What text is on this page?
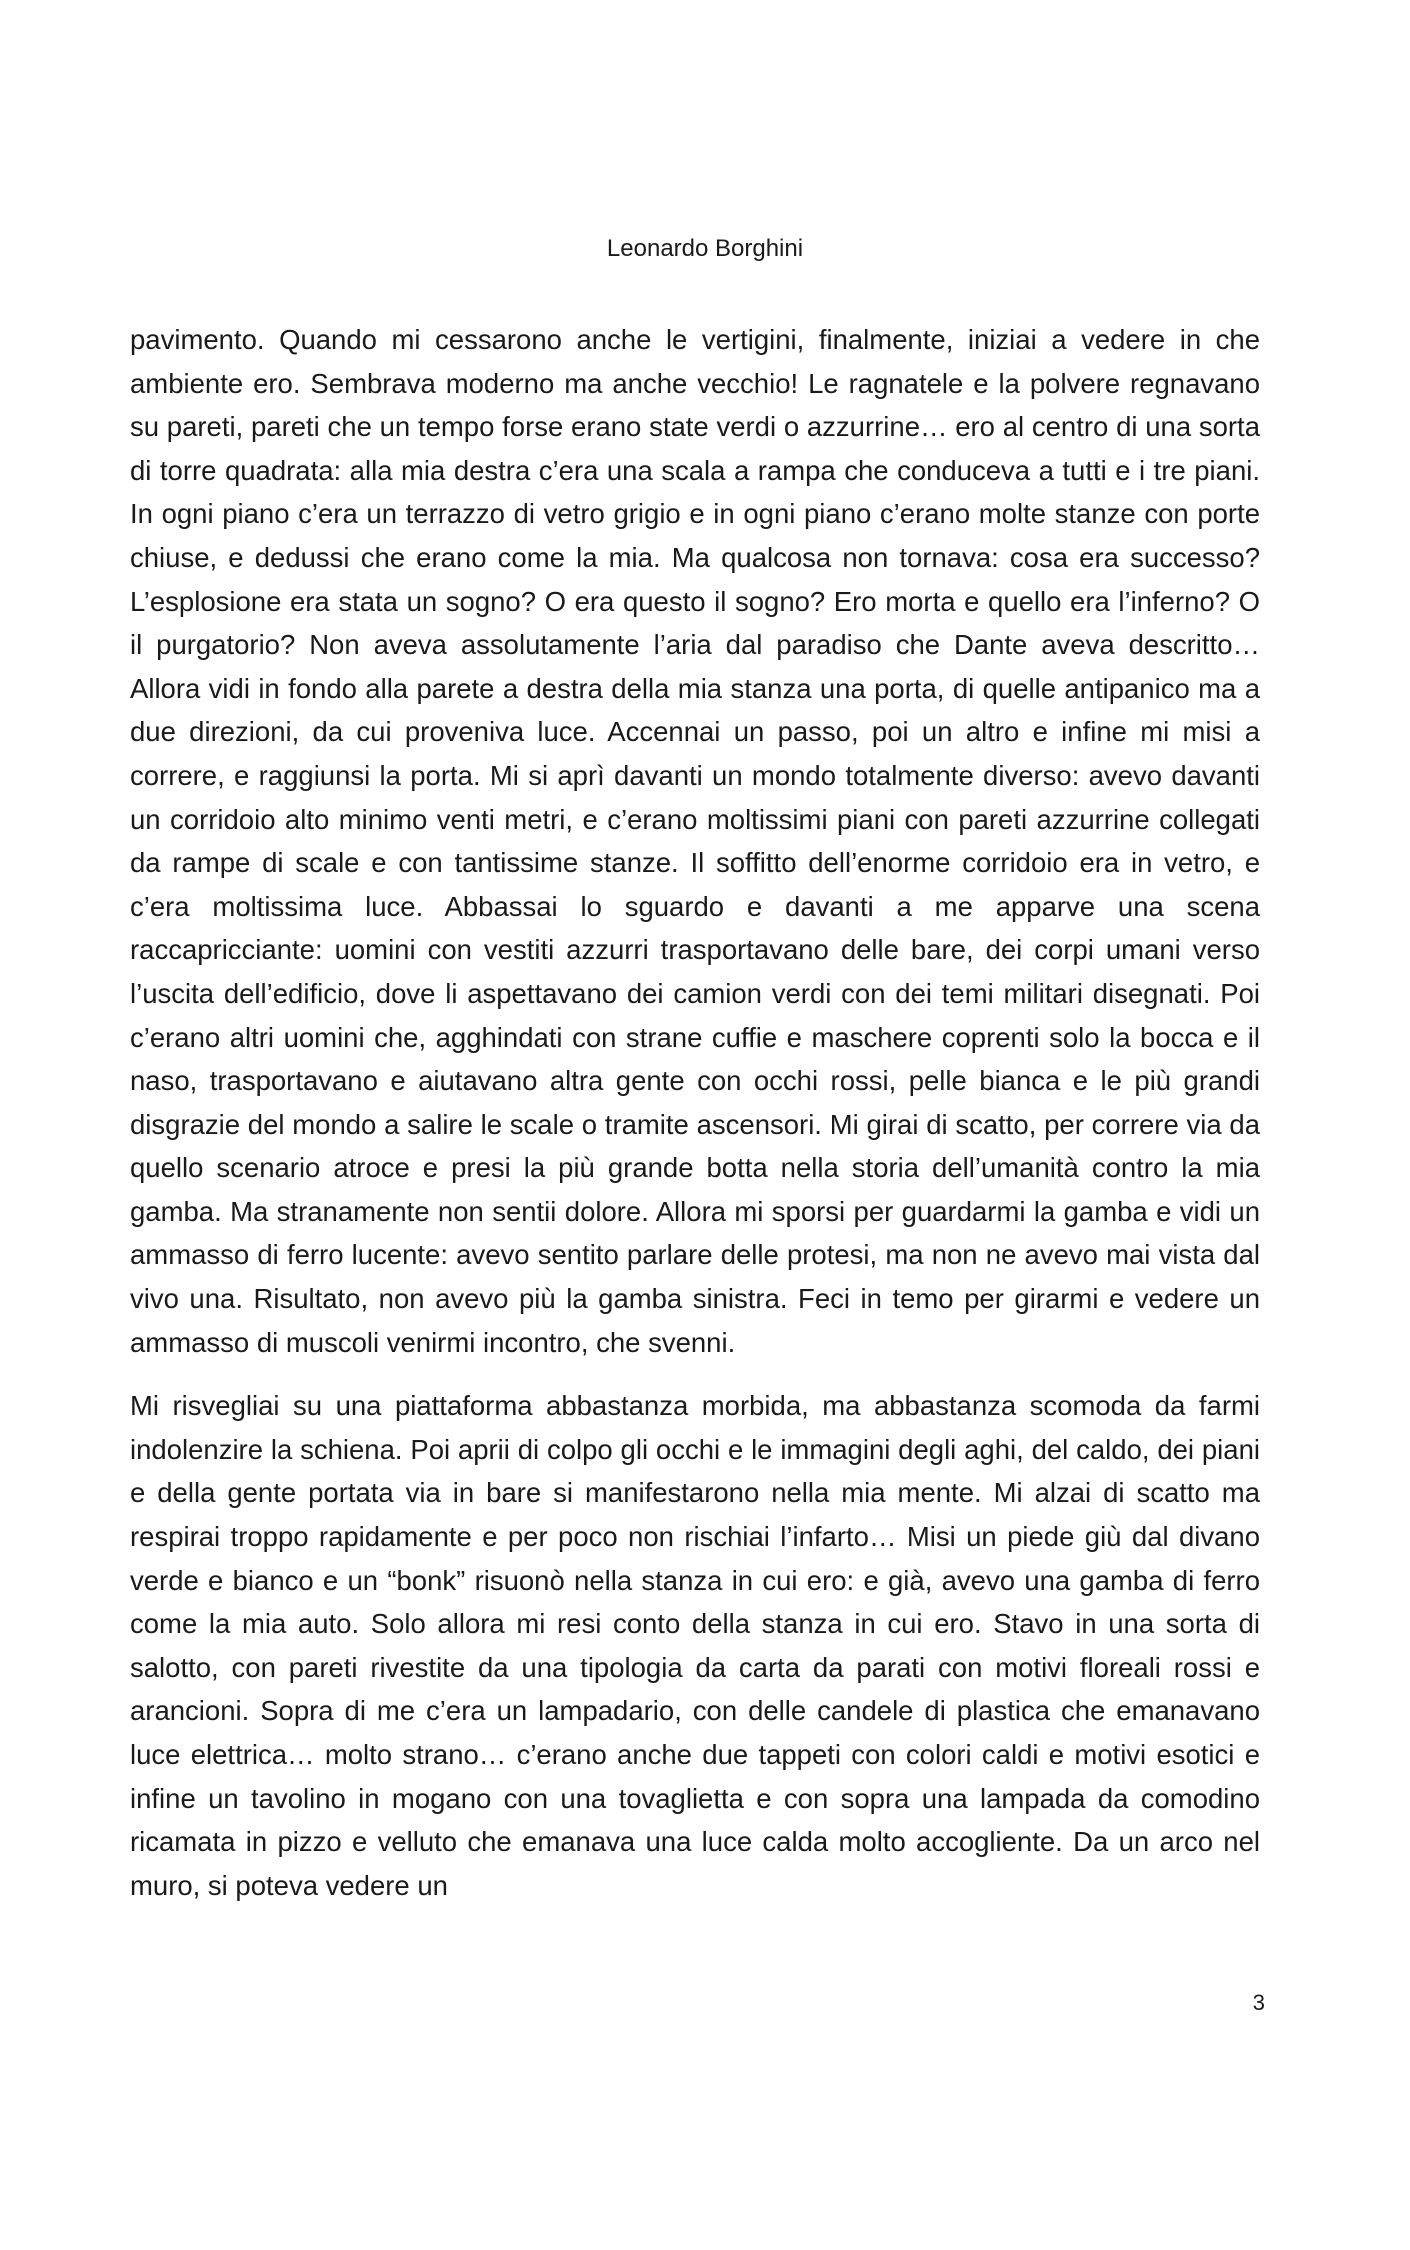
Leonardo Borghini

pavimento. Quando mi cessarono anche le vertigini, finalmente, iniziai a vedere in che ambiente ero. Sembrava moderno ma anche vecchio! Le ragnatele e la polvere regnavano su pareti, pareti che un tempo forse erano state verdi o azzurrine… ero al centro di una sorta di torre quadrata: alla mia destra c’era una scala a rampa che conduceva a tutti e i tre piani. In ogni piano c’era un terrazzo di vetro grigio e in ogni piano c’erano molte stanze con porte chiuse, e dedussi che erano come la mia. Ma qualcosa non tornava: cosa era successo? L’esplosione era stata un sogno? O era questo il sogno? Ero morta e quello era l’inferno? O il purgatorio? Non aveva assolutamente l’aria dal paradiso che Dante aveva descritto… Allora vidi in fondo alla parete a destra della mia stanza una porta, di quelle antipanico ma a due direzioni, da cui proveniva luce. Accennai un passo, poi un altro e infine mi misi a correre, e raggiunsi la porta. Mi si aprì davanti un mondo totalmente diverso: avevo davanti un corridoio alto minimo venti metri, e c’erano moltissimi piani con pareti azzurrine collegati da rampe di scale e con tantissime stanze. Il soffitto dell’enorme corridoio era in vetro, e c’era moltissima luce. Abbassai lo sguardo e davanti a me apparve una scena raccapricciante: uomini con vestiti azzurri trasportavano delle bare, dei corpi umani verso l’uscita dell’edificio, dove li aspettavano dei camion verdi con dei temi militari disegnati. Poi c’erano altri uomini che, agghindati con strane cuffie e maschere coprenti solo la bocca e il naso, trasportavano e aiutavano altra gente con occhi rossi, pelle bianca e le più grandi disgrazie del mondo a salire le scale o tramite ascensori. Mi girai di scatto, per correre via da quello scenario atroce e presi la più grande botta nella storia dell’umanità contro la mia gamba. Ma stranamente non sentii dolore. Allora mi sporsi per guardarmi la gamba e vidi un ammasso di ferro lucente: avevo sentito parlare delle protesi, ma non ne avevo mai vista dal vivo una. Risultato, non avevo più la gamba sinistra. Feci in temo per girarmi e vedere un ammasso di muscoli venirmi incontro, che svenni.

Mi risvegliai su una piattaforma abbastanza morbida, ma abbastanza scomoda da farmi indolenzire la schiena. Poi aprii di colpo gli occhi e le immagini degli aghi, del caldo, dei piani e della gente portata via in bare si manifestarono nella mia mente. Mi alzai di scatto ma respirai troppo rapidamente e per poco non rischiai l’infarto… Misi un piede giù dal divano verde e bianco e un “bonk” risuonò nella stanza in cui ero: e già, avevo una gamba di ferro come la mia auto. Solo allora mi resi conto della stanza in cui ero. Stavo in una sorta di salotto, con pareti rivestite da una tipologia da carta da parati con motivi floreali rossi e arancioni. Sopra di me c’era un lampadario, con delle candele di plastica che emanavano luce elettrica… molto strano… c’erano anche due tappeti con colori caldi e motivi esotici e infine un tavolino in mogano con una tovaglietta e con sopra una lampada da comodino ricamata in pizzo e velluto che emanava una luce calda molto accogliente. Da un arco nel muro, si poteva vedere un

3
